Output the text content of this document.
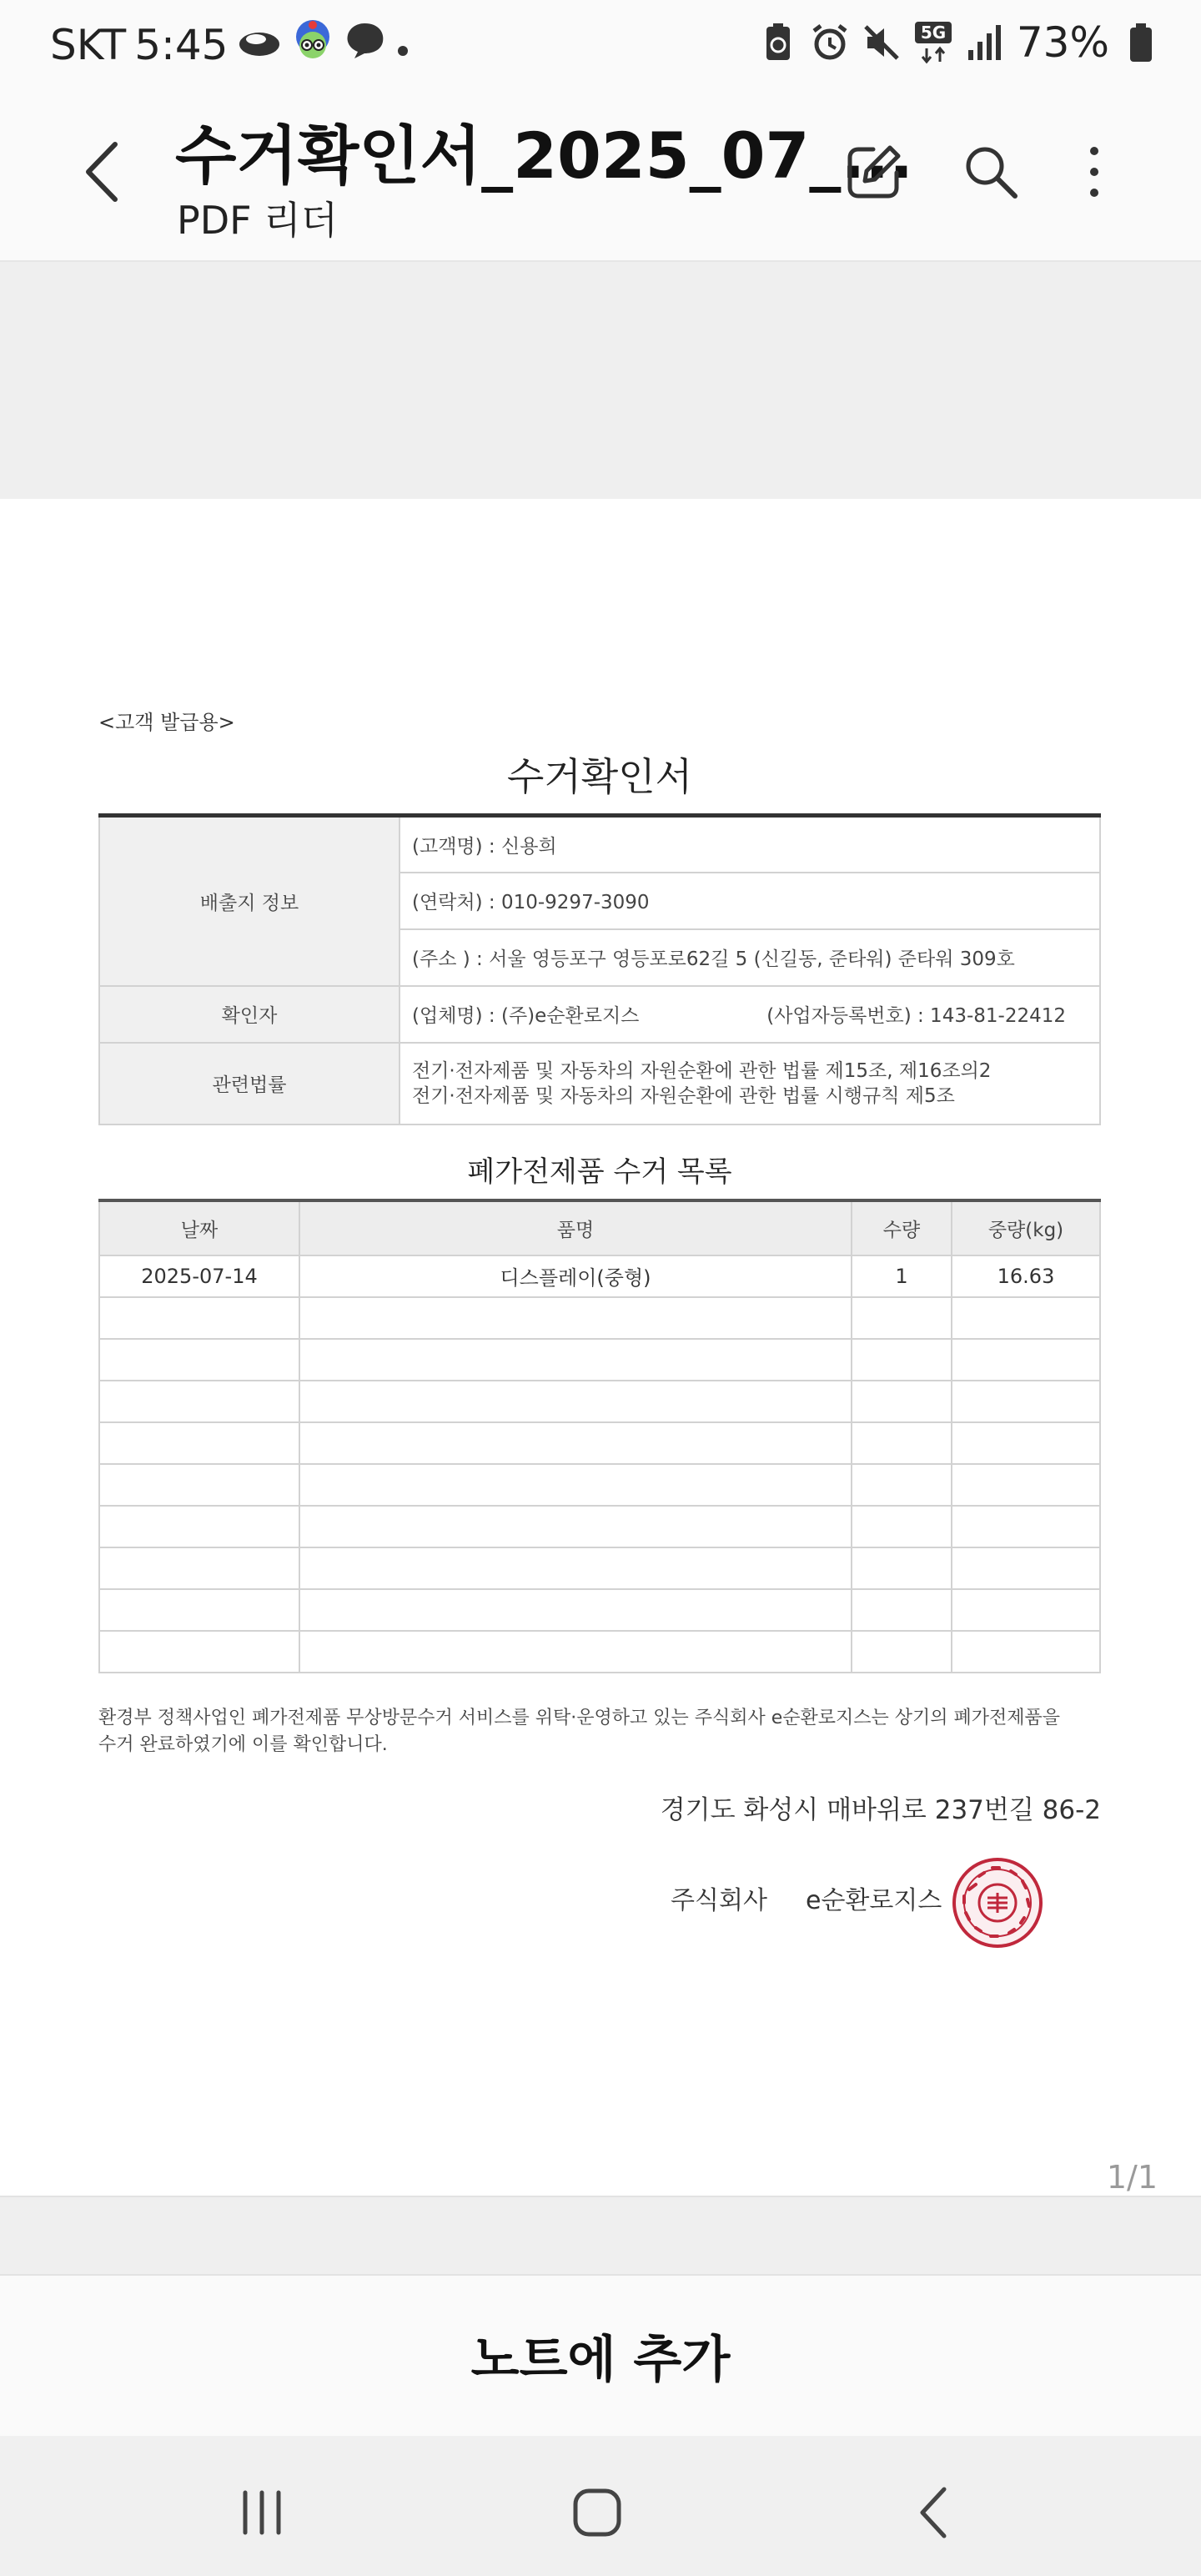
SKT 5:45	5G 73%
수거확인서_2025_07_...
PDF 리더
<고객 발급용>
수거확인서
배출지 정보	(고객명) : 신용희
	(연락처) : 010-9297-3090
	(주소 ) : 서울 영등포구 영등포로62길 5 (신길동, 준타워) 준타워 309호
확인자	(업체명) : (주)e순환로지스 (사업자등록번호) : 143-81-22412

관련법률	전기·전자제품 및 자동차의 자원순환에 관한 법률 제15조, 제16조의2
전기·전자제품 및 자동차의 자원순환에 관한 법률 시행규칙 제5조
폐가전제품 수거 목록
날짜	품명	수량	중량(kg)
2025-07-14	디스플레이(중형)	1	16.63

환경부 정책사업인 폐가전제품 무상방문수거 서비스를 위탁·운영하고 있는 주식회사 e순환로지스는 상기의 폐가전제품을
수거 완료하였기에 이를 확인합니다.
경기도 화성시 매바위로 237번길 86-2
주식회사 e순환로지스
1/1
노트에 추가
